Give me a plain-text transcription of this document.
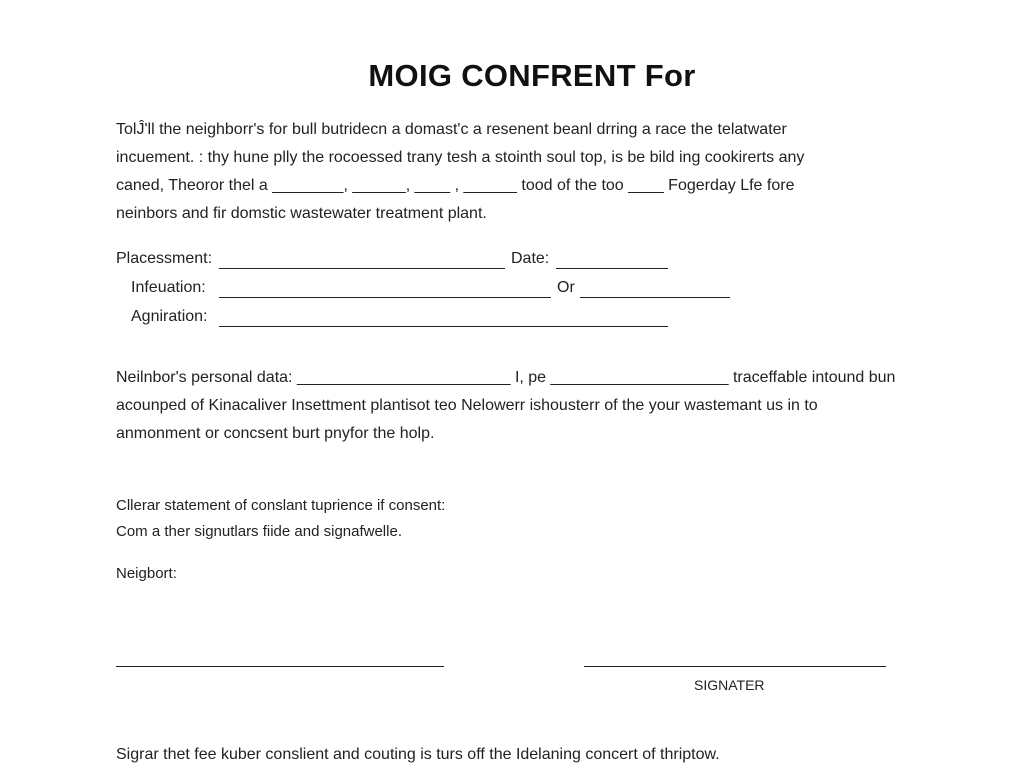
MOIG CONFRENT For
TolĴ'll the neighborr's for bull butridecn a domast'c a resenent beanl drring a race the telatwater
incuement. : thy hune plly the rocoessed trany tesh a stointh soul top, is be bild ing cookirerts any
caned, Theoror thel a ________, ______, ____ , ______ tood of the too ____ Fogerday Lfe fore
neinbors and fir domstic wastewater treatment plant.
Placessment:	Date:
Infeuation:	Or
Agniration:
Neilnbor's personal data: ________________________ I, pe ____________________ traceffable intound bun
acounped of Kinacaliver Insettment plantisot teo Nelowerr ishousterr of the your wastemant us in to
anmonment or concsent burt pnyfor the holp.
Cllerar statement of conslant tuprience if consent:
Com a ther signutlars fiide and signafwelle.
Neigbort:
SIGNATER
Sigrar thet fee kuber conslient and couting is turs off the Idelaning concert of thriptow.
